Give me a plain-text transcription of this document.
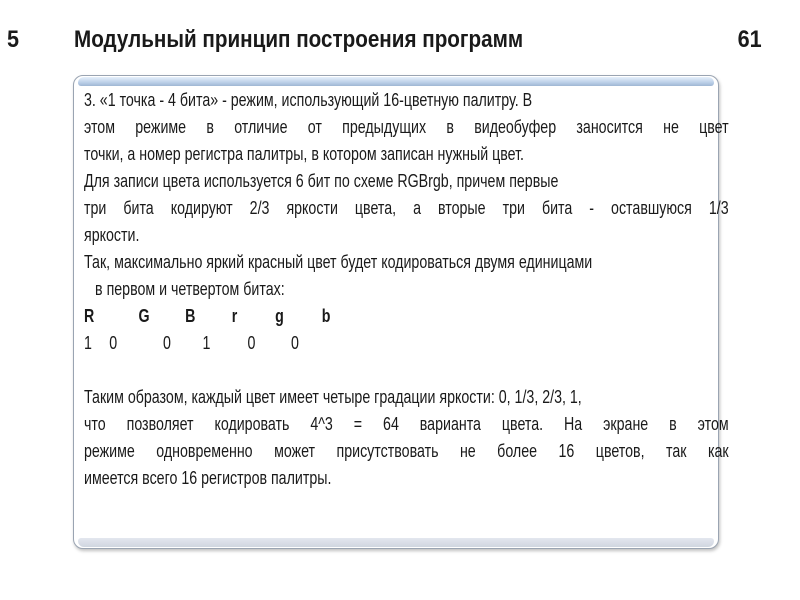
5 Модульный принцип построения программ	61
3. «1 точка - 4 бита» - режим, использующий 16-цветную палитру. В
этом режиме в отличие от предыдущих в видеобуфер заносится не цвет
точки, а номер регистра палитры, в котором записан нужный цвет.
Для записи цвета используется 6 бит по схеме RGBrgb, причем первые
три бита кодируют 2/3 яркости цвета, а вторые три бита - оставшуюся 1/3
яркости.
Так, максимально яркий красный цвет будет кодироваться двумя единицами
в первом и четвертом битах:
R G B r g b
1 0	0 1 0 0
Таким образом, каждый цвет имеет четыре градации яркости: 0, 1/3, 2/3, 1,
что позволяет кодировать 4^3 = 64 варианта цвета. На экране в этом
режиме одновременно может присутствовать не более 16 цветов, так как
имеется всего 16 регистров палитры.
